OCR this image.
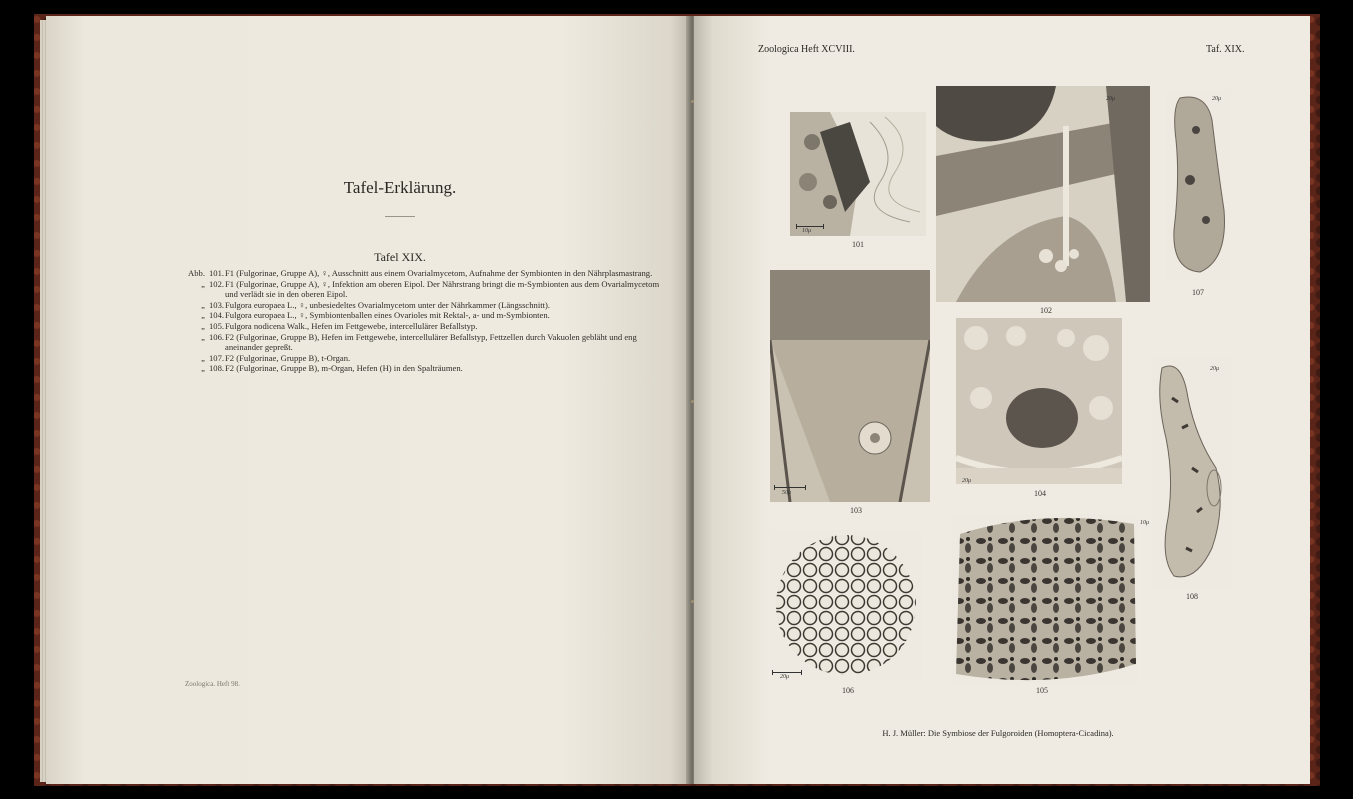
Tafel-Erklärung.
Tafel XIX.
Abb. 101. F1 (Fulgorinae, Gruppe A), ♀, Ausschnitt aus einem Ovarialmycetom, Aufnahme der Symbionten in den Nährplasmastrang.
„ 102. F1 (Fulgorinae, Gruppe A), ♀, Infektion am oberen Eipol. Der Nährstrang bringt die m-Symbionten aus dem Ovarialmycetom und verlädt sie in den oberen Eipol.
„ 103. Fulgora europaea L., ♀, unbesiedeltes Ovarialmycetom unter der Nährkammer (Längsschnitt).
„ 104. Fulgora europaea L., ♀, Symbiontenballen eines Ovarioles mit Rektal-, a- und m-Symbionten.
„ 105. Fulgora nodicena Walk., Hefen im Fettgewebe, intercellulärer Befallstyp.
„ 106. F2 (Fulgorinae, Gruppe B), Hefen im Fettgewebe, intercellulärer Befallstyp, Fettzellen durch Vakuolen gebläht und eng aneinander gepreßt.
„ 107. F2 (Fulgorinae, Gruppe B), t-Organ.
„ 108. F2 (Fulgorinae, Gruppe B), m-Organ, Hefen (H) in den Spalträumen.
Zoologica. Heft 98.
Zoologica Heft XCVIII.	Taf. XIX.
10μ
101
20μ
102
20μ
107
50μ
103
20μ
104
20μ
108
20μ
106
10μ
105
H. J. Müller: Die Symbiose der Fulgoroiden (Homoptera-Cicadina).
